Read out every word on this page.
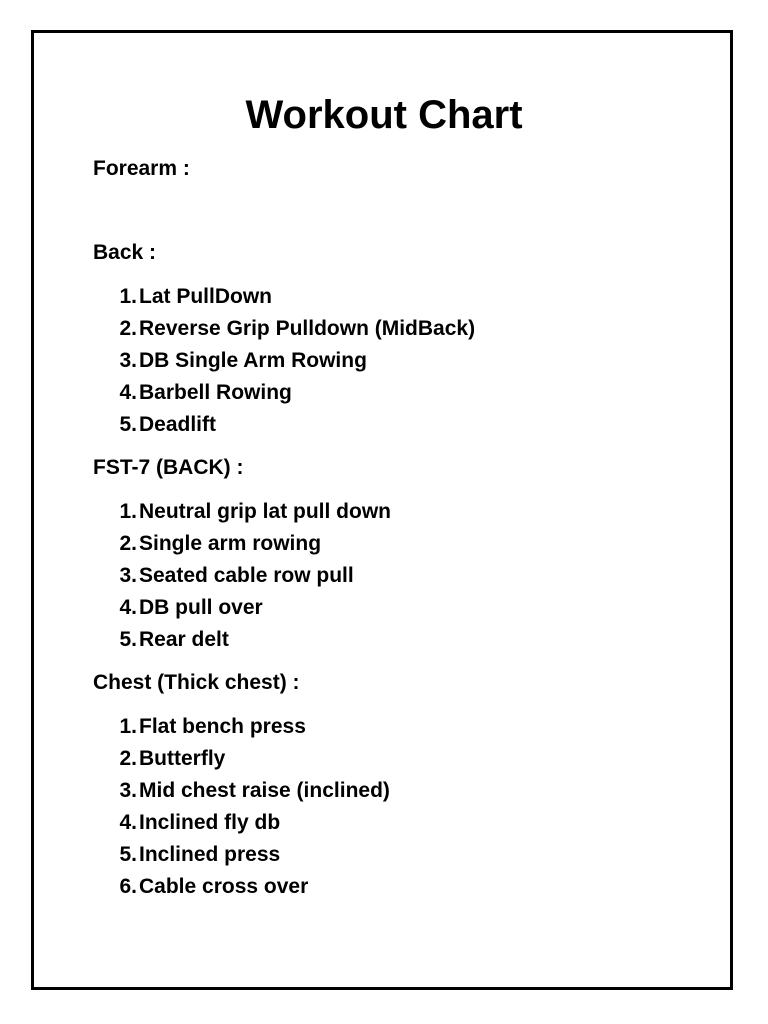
Workout Chart

Forearm :

Back :

1. Lat PullDown
2. Reverse Grip Pulldown (MidBack)
3. DB Single Arm Rowing
4. Barbell Rowing
5. Deadlift

FST-7 (BACK) :

1. Neutral grip lat pull down
2. Single arm rowing
3. Seated cable row pull
4. DB pull over
5. Rear delt

Chest (Thick chest) :

1. Flat bench press
2. Butterfly
3. Mid chest raise (inclined)
4. Inclined fly db
5. Inclined press
6. Cable cross over
